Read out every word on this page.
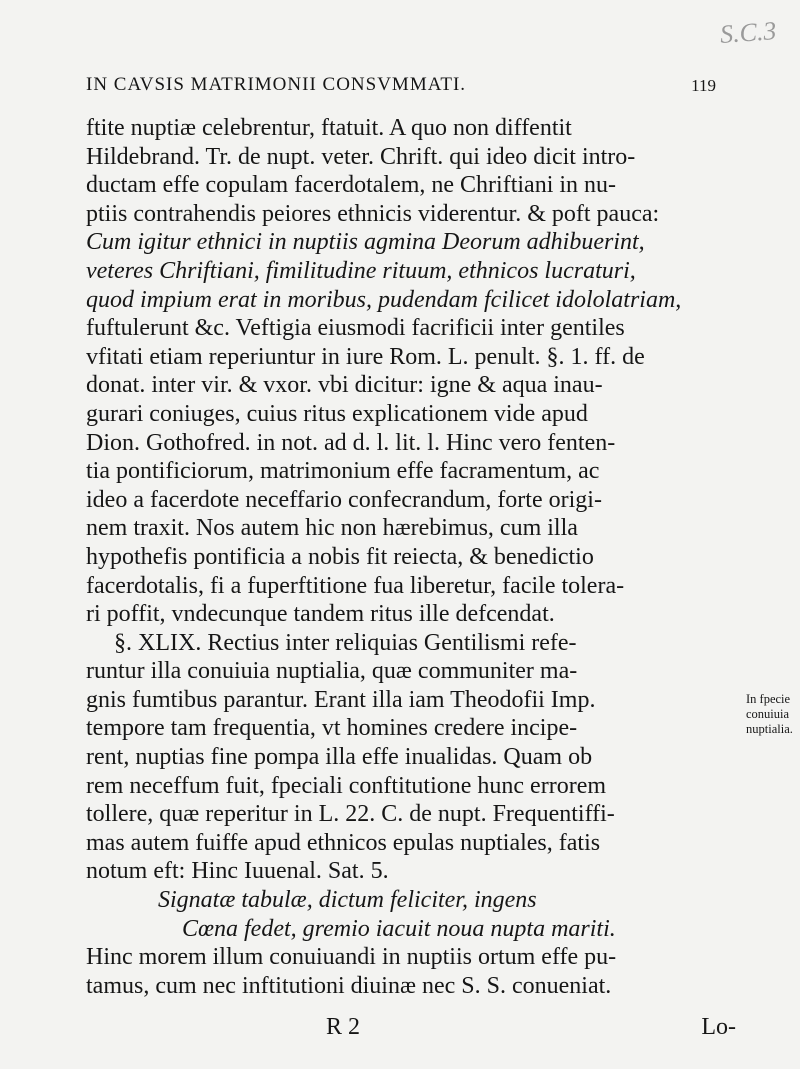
S.C.3
IN CAVSIS MATRIMONII CONSVMMATI.	119
ftite nuptiæ celebrentur, ftatuit. A quo non diffentit
Hildebrand. Tr. de nupt. veter. Chrift. qui ideo dicit intro-
ductam effe copulam facerdotalem, ne Chriftiani in nu-
ptiis contrahendis peiores ethnicis viderentur. & poft pauca:
Cum igitur ethnici in nuptiis agmina Deorum adhibuerint,
veteres Chriftiani, fimilitudine rituum, ethnicos lucraturi,
quod impium erat in moribus, pudendam fcilicet idololatriam,
fuftulerunt &c. Veftigia eiusmodi facrificii inter gentiles
vfitati etiam reperiuntur in iure Rom. L. penult. §. 1. ff. de
donat. inter vir. & vxor. vbi dicitur: igne & aqua inau-
gurari coniuges, cuius ritus explicationem vide apud
Dion. Gothofred. in not. ad d. l. lit. l. Hinc vero fenten-
tia pontificiorum, matrimonium effe facramentum, ac
ideo a facerdote neceffario confecrandum, forte origi-
nem traxit. Nos autem hic non hærebimus, cum illa
hypothefis pontificia a nobis fit reiecta, & benedictio
facerdotalis, fi a fuperftitione fua liberetur, facile tolera-
ri poffit, vndecunque tandem ritus ille defcendat.
§. XLIX. Rectius inter reliquias Gentilismi refe-
runtur illa conuiuia nuptialia, quæ communiter ma-
gnis fumtibus parantur. Erant illa iam Theodofii Imp.
tempore tam frequentia, vt homines credere incipe-
rent, nuptias fine pompa illa effe inualidas. Quam ob
rem neceffum fuit, fpeciali conftitutione hunc errorem
tollere, quæ reperitur in L. 22. C. de nupt. Frequentiffi-
mas autem fuiffe apud ethnicos epulas nuptiales, fatis
notum eft: Hinc Iuuenal. Sat. 5.
Signatæ tabulæ, dictum feliciter, ingens
Cœna fedet, gremio iacuit noua nupta mariti.
Hinc morem illum conuiuandi in nuptiis ortum effe pu-
tamus, cum nec inftitutioni diuinæ nec S. S. conueniat.
In fpecie conuiuia nuptialia.
R 2	Lo-
